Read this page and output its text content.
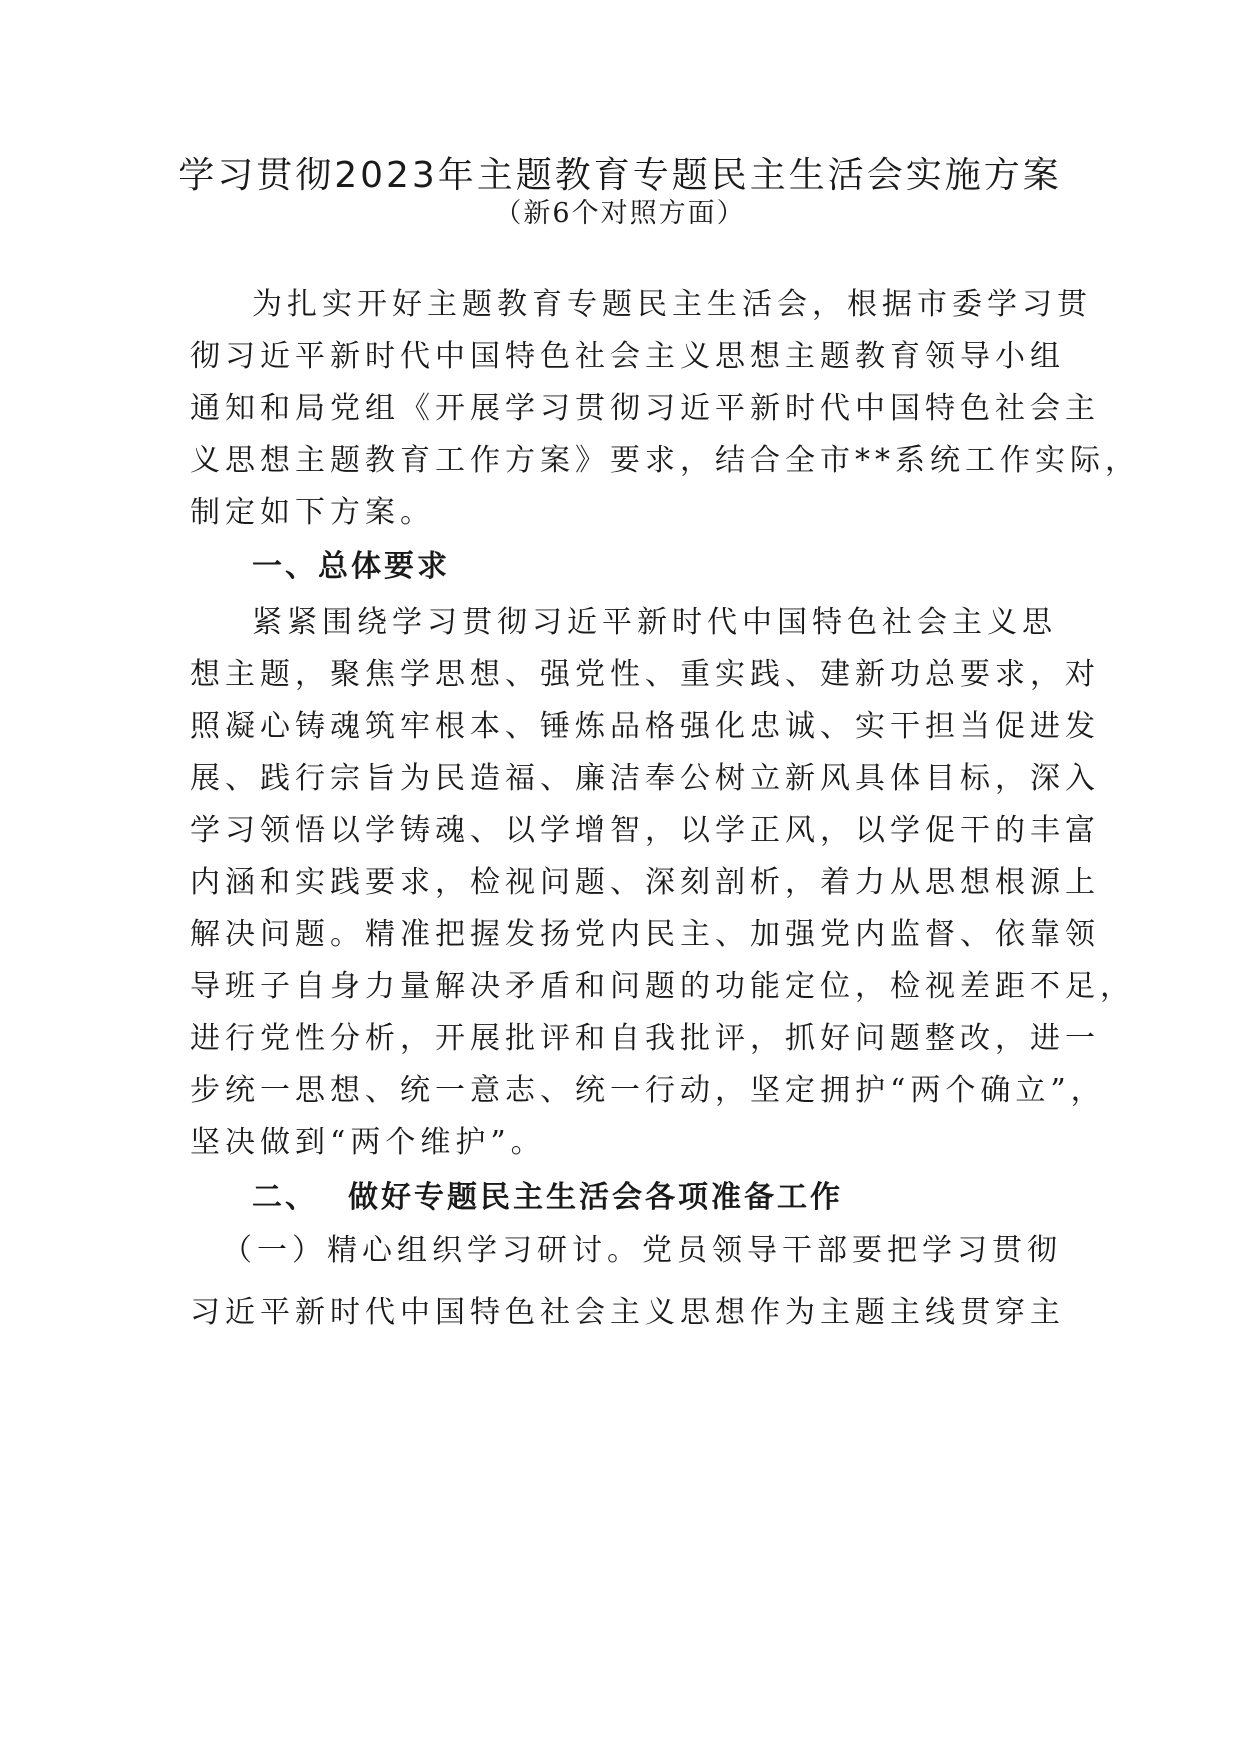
学习贯彻2023年主题教育专题民主生活会实施方案
（新6个对照方面）
为扎实开好主题教育专题民主生活会，根据市委学习贯
彻习近平新时代中国特色社会主义思想主题教育领导小组
通知和局党组《开展学习贯彻习近平新时代中国特色社会主
义思想主题教育工作方案》要求，结合全市**系统工作实际，
制定如下方案。
一、总体要求
紧紧围绕学习贯彻习近平新时代中国特色社会主义思
想主题，聚焦学思想、强党性、重实践、建新功总要求，对
照凝心铸魂筑牢根本、锤炼品格强化忠诚、实干担当促进发
展、践行宗旨为民造福、廉洁奉公树立新风具体目标，深入
学习领悟以学铸魂、以学增智，以学正风，以学促干的丰富
内涵和实践要求，检视问题、深刻剖析，着力从思想根源上
解决问题。精准把握发扬党内民主、加强党内监督、依靠领
导班子自身力量解决矛盾和问题的功能定位，检视差距不足，
进行党性分析，开展批评和自我批评，抓好问题整改，进一
步统一思想、统一意志、统一行动，坚定拥护“两个确立”，
坚决做到“两个维护”。
二、 做好专题民主生活会各项准备工作
（一）精心组织学习研讨。党员领导干部要把学习贯彻
习近平新时代中国特色社会主义思想作为主题主线贯穿主
